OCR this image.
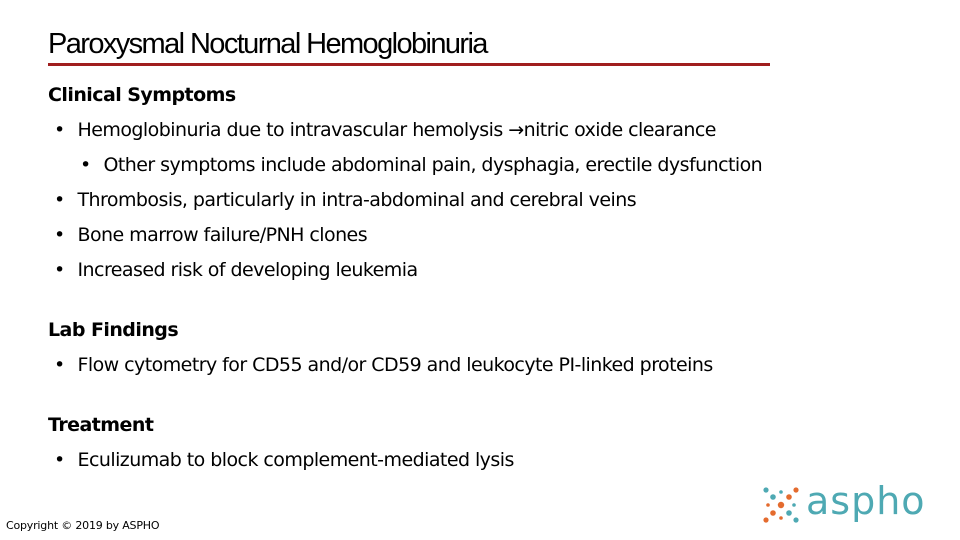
Paroxysmal Nocturnal Hemoglobinuria
Clinical Symptoms
• Hemoglobinuria due to intravascular hemolysis →nitric oxide clearance
• Other symptoms include abdominal pain, dysphagia, erectile dysfunction
• Thrombosis, particularly in intra-abdominal and cerebral veins
• Bone marrow failure/PNH clones
• Increased risk of developing leukemia
Lab Findings
• Flow cytometry for CD55 and/or CD59 and leukocyte PI-linked proteins
Treatment
• Eculizumab to block complement-mediated lysis
Copyright © 2019 by ASPHO
aspho
